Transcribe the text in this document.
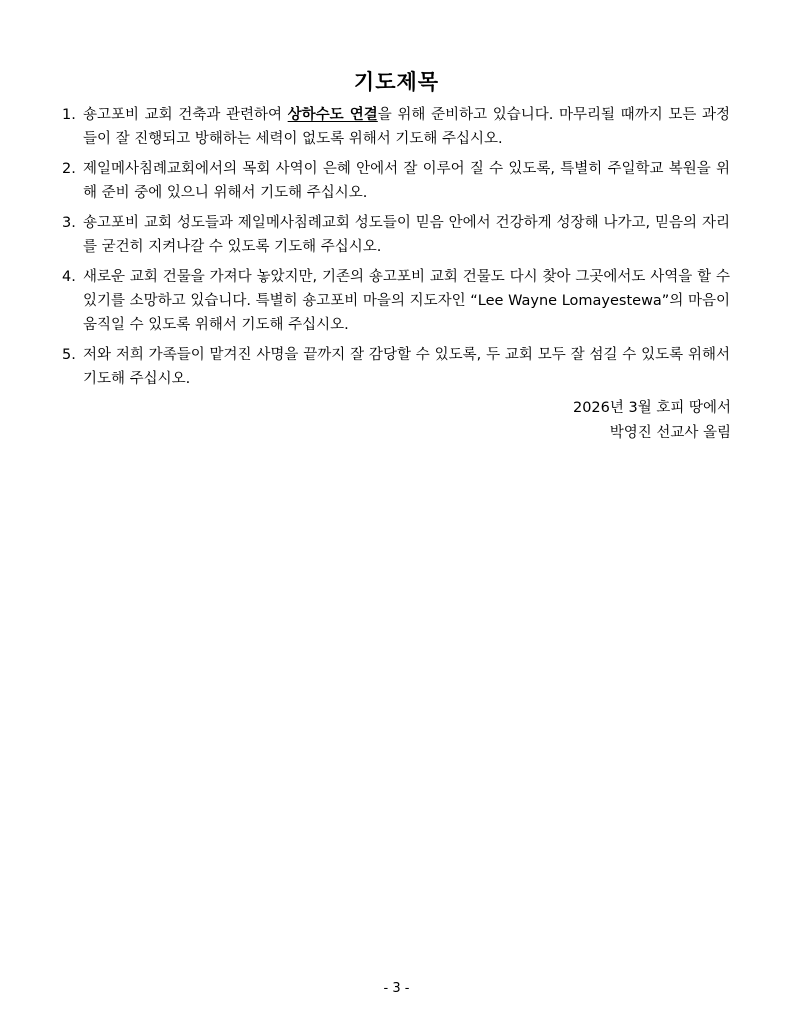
기도제목
1. 숑고포비 교회 건축과 관련하여 상하수도 연결을 위해 준비하고 있습니다. 마무리될 때까지 모든 과정들이 잘 진행되고 방해하는 세력이 없도록 위해서 기도해 주십시오.
2. 제일메사침례교회에서의 목회 사역이 은혜 안에서 잘 이루어 질 수 있도록, 특별히 주일학교 복원을 위해 준비 중에 있으니 위해서 기도해 주십시오.
3. 숑고포비 교회 성도들과 제일메사침례교회 성도들이 믿음 안에서 건강하게 성장해 나가고, 믿음의 자리를 굳건히 지켜나갈 수 있도록 기도해 주십시오.
4. 새로운 교회 건물을 가져다 놓았지만, 기존의 숑고포비 교회 건물도 다시 찾아 그곳에서도 사역을 할 수 있기를 소망하고 있습니다. 특별히 숑고포비 마을의 지도자인 “Lee Wayne Lomayestewa”의 마음이 움직일 수 있도록 위해서 기도해 주십시오.
5. 저와 저희 가족들이 맡겨진 사명을 끝까지 잘 감당할 수 있도록, 두 교회 모두 잘 섬길 수 있도록 위해서 기도해 주십시오.
2026년 3월 호피 땅에서
박영진 선교사 올림
- 3 -
